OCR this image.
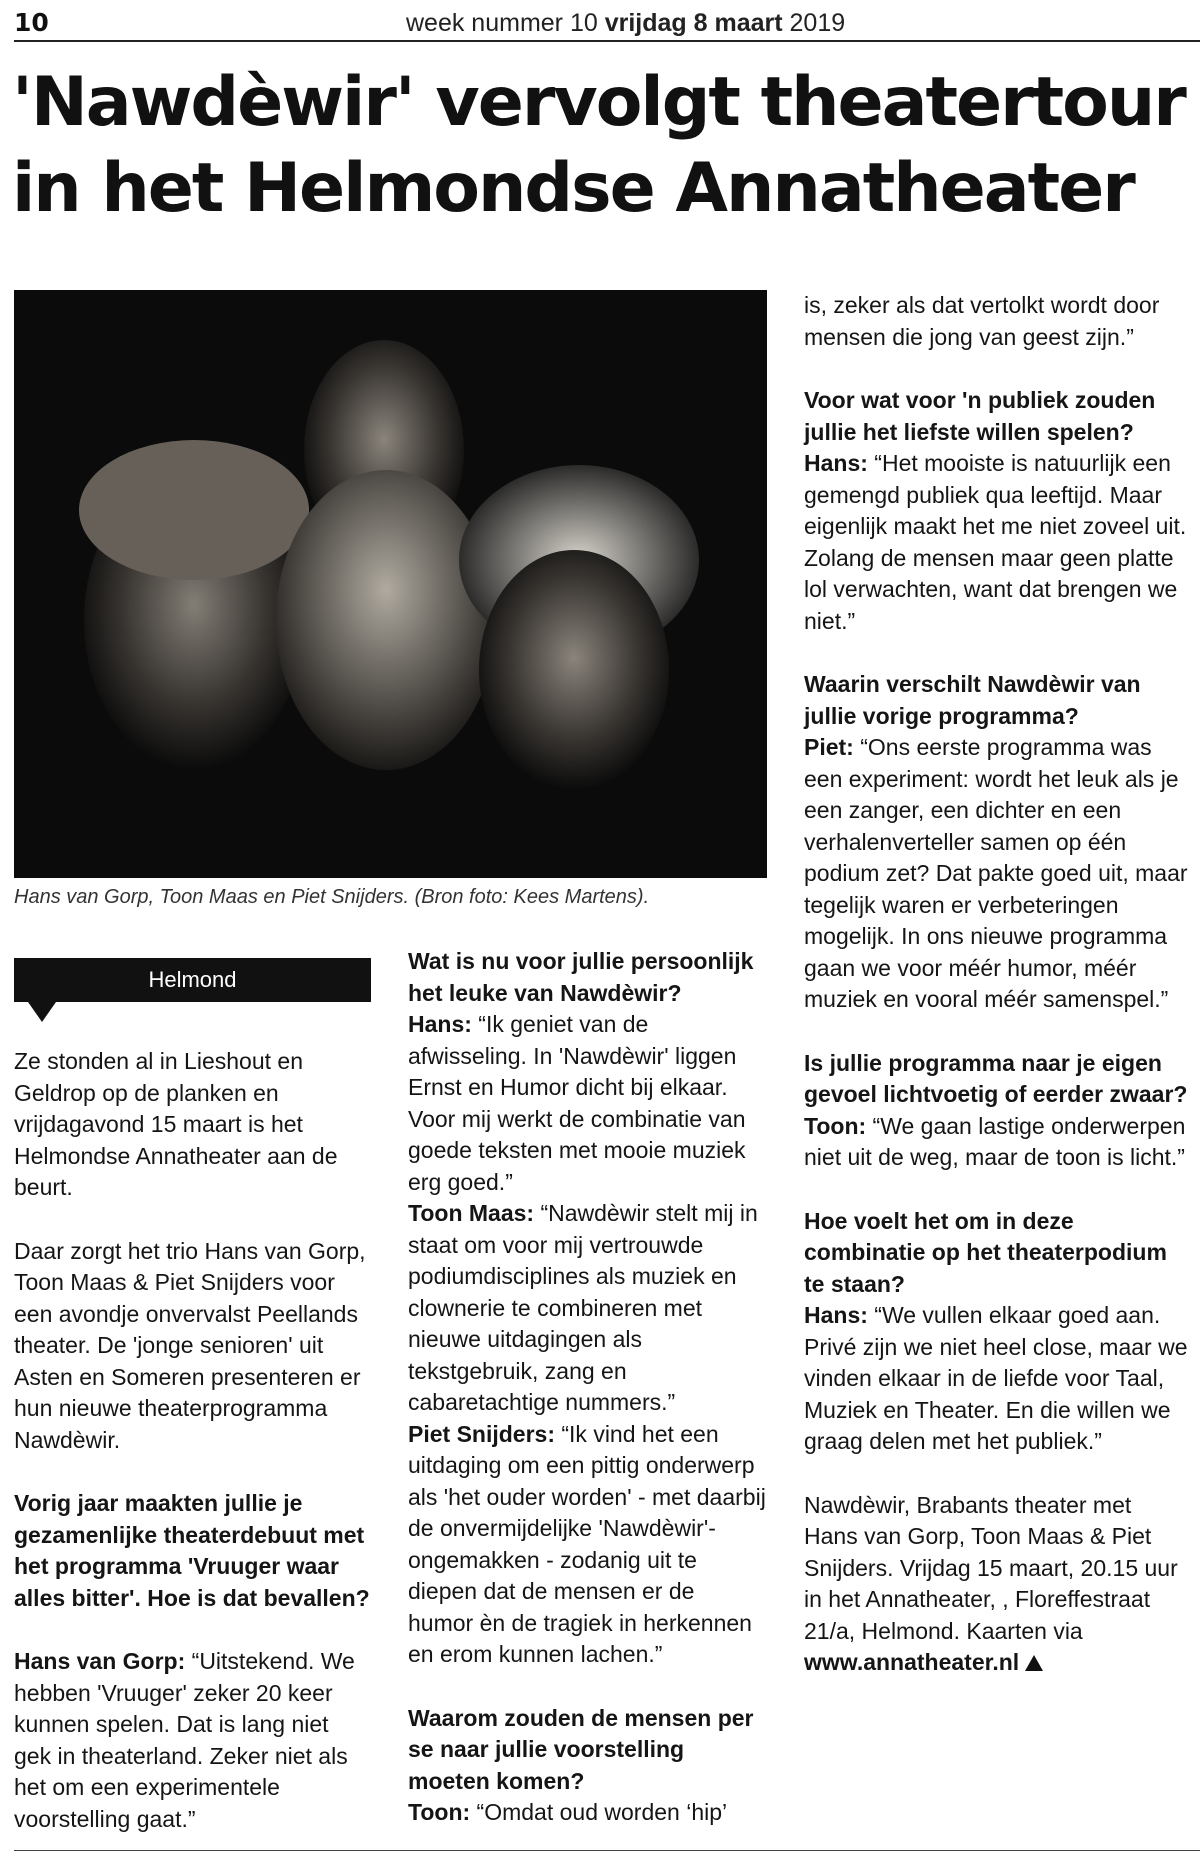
10	week nummer 10 vrijdag 8 maart 2019
'Nawdèwir' vervolgt theatertour in het Helmondse Annatheater
Hans van Gorp, Toon Maas en Piet Snijders. (Bron foto: Kees Martens).
Helmond

Ze stonden al in Lieshout en Geldrop op de planken en vrijdagavond 15 maart is het Helmondse Annatheater aan de beurt.

Daar zorgt het trio Hans van Gorp, Toon Maas & Piet Snijders voor een avondje onvervalst Peellands theater. De 'jonge senioren' uit Asten en Someren presenteren er hun nieuwe theaterprogramma Nawdèwir.

Vorig jaar maakten jullie je gezamenlijke theaterdebuut met het programma 'Vruuger waar alles bitter'. Hoe is dat bevallen?
Hans van Gorp: “Uitstekend. We hebben 'Vruuger' zeker 20 keer kunnen spelen. Dat is lang niet gek in theaterland. Zeker niet als het om een experimentele voorstelling gaat.”

Wat is nu voor jullie persoonlijk het leuke van Nawdèwir?
Hans: “Ik geniet van de afwisseling. In 'Nawdèwir' liggen Ernst en Humor dicht bij elkaar. Voor mij werkt de combinatie van goede teksten met mooie muziek erg goed.”
Toon Maas: “Nawdèwir stelt mij in staat om voor mij vertrouwde podiumdisciplines als muziek en clownerie te combineren met nieuwe uitdagingen als tekstgebruik, zang en cabaretachtige nummers.”
Piet Snijders: “Ik vind het een uitdaging om een pittig onderwerp als 'het ouder worden' - met daarbij de onvermijdelijke 'Nawdèwir'-ongemakken - zodanig uit te diepen dat de mensen er de humor èn de tragiek in herkennen en erom kunnen lachen.”

Waarom zouden de mensen per se naar jullie voorstelling moeten komen?
Toon: “Omdat oud worden ‘hip’

is, zeker als dat vertolkt wordt door mensen die jong van geest zijn.”

Voor wat voor 'n publiek zouden jullie het liefste willen spelen?
Hans: “Het mooiste is natuurlijk een gemengd publiek qua leeftijd. Maar eigenlijk maakt het me niet zoveel uit. Zolang de mensen maar geen platte lol verwachten, want dat brengen we niet.”

Waarin verschilt Nawdèwir van jullie vorige programma?
Piet: “Ons eerste programma was een experiment: wordt het leuk als je een zanger, een dichter en een verhalenverteller samen op één podium zet? Dat pakte goed uit, maar tegelijk waren er verbeteringen mogelijk. In ons nieuwe programma gaan we voor méér humor, méér muziek en vooral méér samenspel.”

Is jullie programma naar je eigen gevoel lichtvoetig of eerder zwaar?
Toon: “We gaan lastige onderwerpen niet uit de weg, maar de toon is licht.”

Hoe voelt het om in deze combinatie op het theaterpodium te staan?
Hans: “We vullen elkaar goed aan. Privé zijn we niet heel close, maar we vinden elkaar in de liefde voor Taal, Muziek en Theater. En die willen we graag delen met het publiek.”

Nawdèwir, Brabants theater met Hans van Gorp, Toon Maas & Piet Snijders. Vrijdag 15 maart, 20.15 uur in het Annatheater, , Floreffestraat 21/a, Helmond. Kaarten via www.annatheater.nl
